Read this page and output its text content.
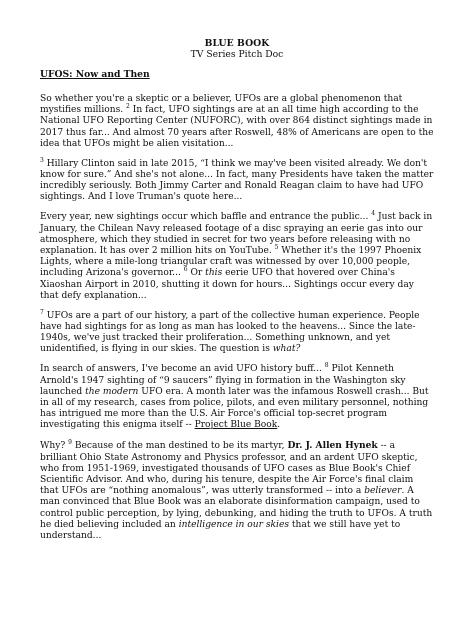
BLUE BOOK
TV Series Pitch Doc
UFOS: Now and Then

So whether you're a skeptic or a believer, UFOs are a global phenomenon that mystifies millions. $^2$ In fact, UFO sightings are at an all time high according to the National UFO Reporting Center (NUFORC), with over 864 distinct sightings made in 2017 thus far... And almost 70 years after Roswell, 48% of Americans are open to the idea that UFOs might be alien visitation...

$^3$ Hillary Clinton said in late 2015, “I think we may've been visited already. We don't know for sure.” And she's not alone... In fact, many Presidents have taken the matter incredibly seriously. Both Jimmy Carter and Ronald Reagan claim to have had UFO sightings. And I love Truman's quote here...

Every year, new sightings occur which baffle and entrance the public... $^4$ Just back in January, the Chilean Navy released footage of a disc spraying an eerie gas into our atmosphere, which they studied in secret for two years before releasing with no explanation. It has over 2 million hits on YouTube. $^5$ Whether it's the 1997 Phoenix Lights, where a mile-long triangular craft was witnessed by over 10,000 people, including Arizona's governor... $^6$ Or this eerie UFO that hovered over China's Xiaoshan Airport in 2010, shutting it down for hours... Sightings occur every day that defy explanation...

$^7$ UFOs are a part of our history, a part of the collective human experience. People have had sightings for as long as man has looked to the heavens... Since the late-1940s, we've just tracked their proliferation... Something unknown, and yet unidentified, is flying in our skies. The question is what?

In search of answers, I've become an avid UFO history buff... $^8$ Pilot Kenneth Arnold's 1947 sighting of “9 saucers” flying in formation in the Washington sky launched the modern UFO era. A month later was the infamous Roswell crash... But in all of my research, cases from police, pilots, and even military personnel, nothing has intrigued me more than the U.S. Air Force's official top-secret program investigating this enigma itself -- Project Blue Book.

Why? $^9$ Because of the man destined to be its martyr, Dr. J. Allen Hynek -- a brilliant Ohio State Astronomy and Physics professor, and an ardent UFO skeptic, who from 1951-1969, investigated thousands of UFO cases as Blue Book's Chief Scientific Advisor. And who, during his tenure, despite the Air Force's final claim that UFOs are “nothing anomalous”, was utterly transformed -- into a believer. A man convinced that Blue Book was an elaborate disinformation campaign, used to control public perception, by lying, debunking, and hiding the truth to UFOs. A truth he died believing included an intelligence in our skies that we still have yet to understand...
